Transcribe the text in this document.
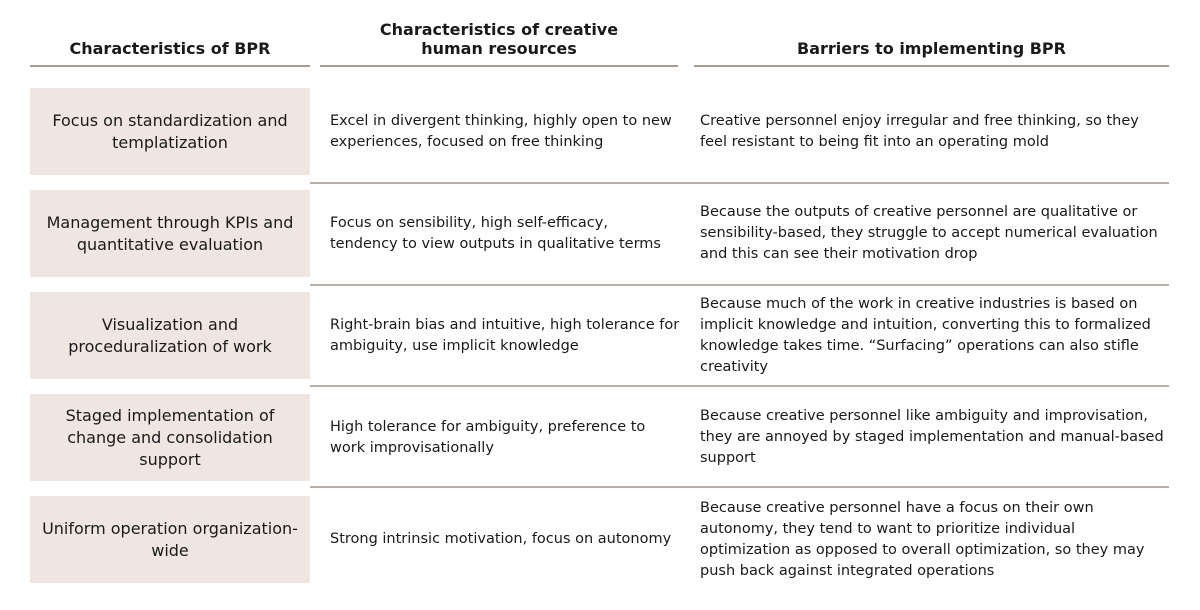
Characteristics of BPR
Characteristics of creative human resources	Barriers to implementing BPR
Focus on standardization and templatization
Excel in divergent thinking, highly open to new experiences, focused on free thinking
Creative personnel enjoy irregular and free thinking, so they feel resistant to being fit into an operating mold
Management through KPIs and quantitative evaluation
Focus on sensibility, high self-efficacy, tendency to view outputs in qualitative terms
Because the outputs of creative personnel are qualitative or sensibility-based, they struggle to accept numerical evaluation and this can see their motivation drop
Visualization and proceduralization of work
Right-brain bias and intuitive, high tolerance for ambiguity, use implicit knowledge
Because much of the work in creative industries is based on implicit knowledge and intuition, converting this to formalized knowledge takes time. “Surfacing” operations can also stifle creativity
Staged implementation of change and consolidation support
High tolerance for ambiguity, preference to work improvisationally
Because creative personnel like ambiguity and improvisation, they are annoyed by staged implementation and manual-based support
Uniform operation organization-wide
Strong intrinsic motivation, focus on autonomy
Because creative personnel have a focus on their own autonomy, they tend to want to prioritize individual optimization as opposed to overall optimization, so they may push back against integrated operations
